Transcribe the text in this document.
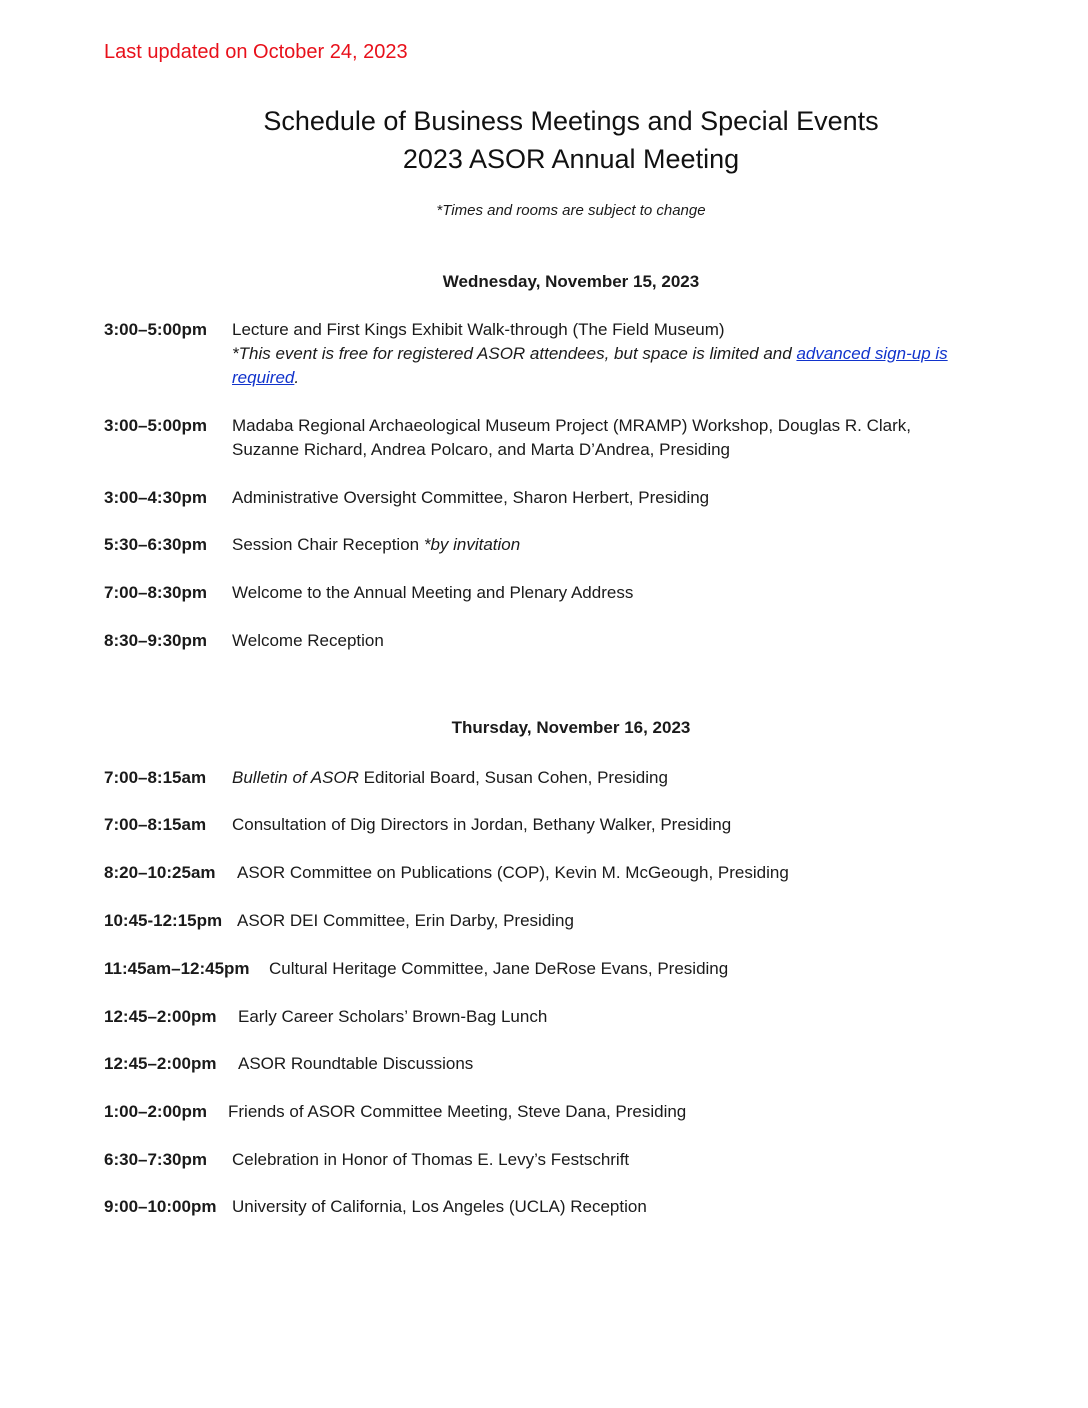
Last updated on October 24, 2023
Schedule of Business Meetings and Special Events
2023 ASOR Annual Meeting
*Times and rooms are subject to change
Wednesday, November 15, 2023
3:00–5:00pm Lecture and First Kings Exhibit Walk-through (The Field Museum)
*This event is free for registered ASOR attendees, but space is limited and advanced sign-up is
required.
3:00–5:00pm Madaba Regional Archaeological Museum Project (MRAMP) Workshop, Douglas R. Clark,
Suzanne Richard, Andrea Polcaro, and Marta D’Andrea, Presiding
3:00–4:30pm Administrative Oversight Committee, Sharon Herbert, Presiding
5:30–6:30pm Session Chair Reception *by invitation
7:00–8:30pm Welcome to the Annual Meeting and Plenary Address
8:30–9:30pm Welcome Reception
Thursday, November 16, 2023
7:00–8:15am Bulletin of ASOR Editorial Board, Susan Cohen, Presiding
7:00–8:15am Consultation of Dig Directors in Jordan, Bethany Walker, Presiding
8:20–10:25am ASOR Committee on Publications (COP), Kevin M. McGeough, Presiding
10:45-12:15pm ASOR DEI Committee, Erin Darby, Presiding
11:45am–12:45pm Cultural Heritage Committee, Jane DeRose Evans, Presiding
12:45–2:00pm Early Career Scholars’ Brown-Bag Lunch
12:45–2:00pm ASOR Roundtable Discussions
1:00–2:00pm Friends of ASOR Committee Meeting, Steve Dana, Presiding
6:30–7:30pm Celebration in Honor of Thomas E. Levy’s Festschrift
9:00–10:00pm University of California, Los Angeles (UCLA) Reception
